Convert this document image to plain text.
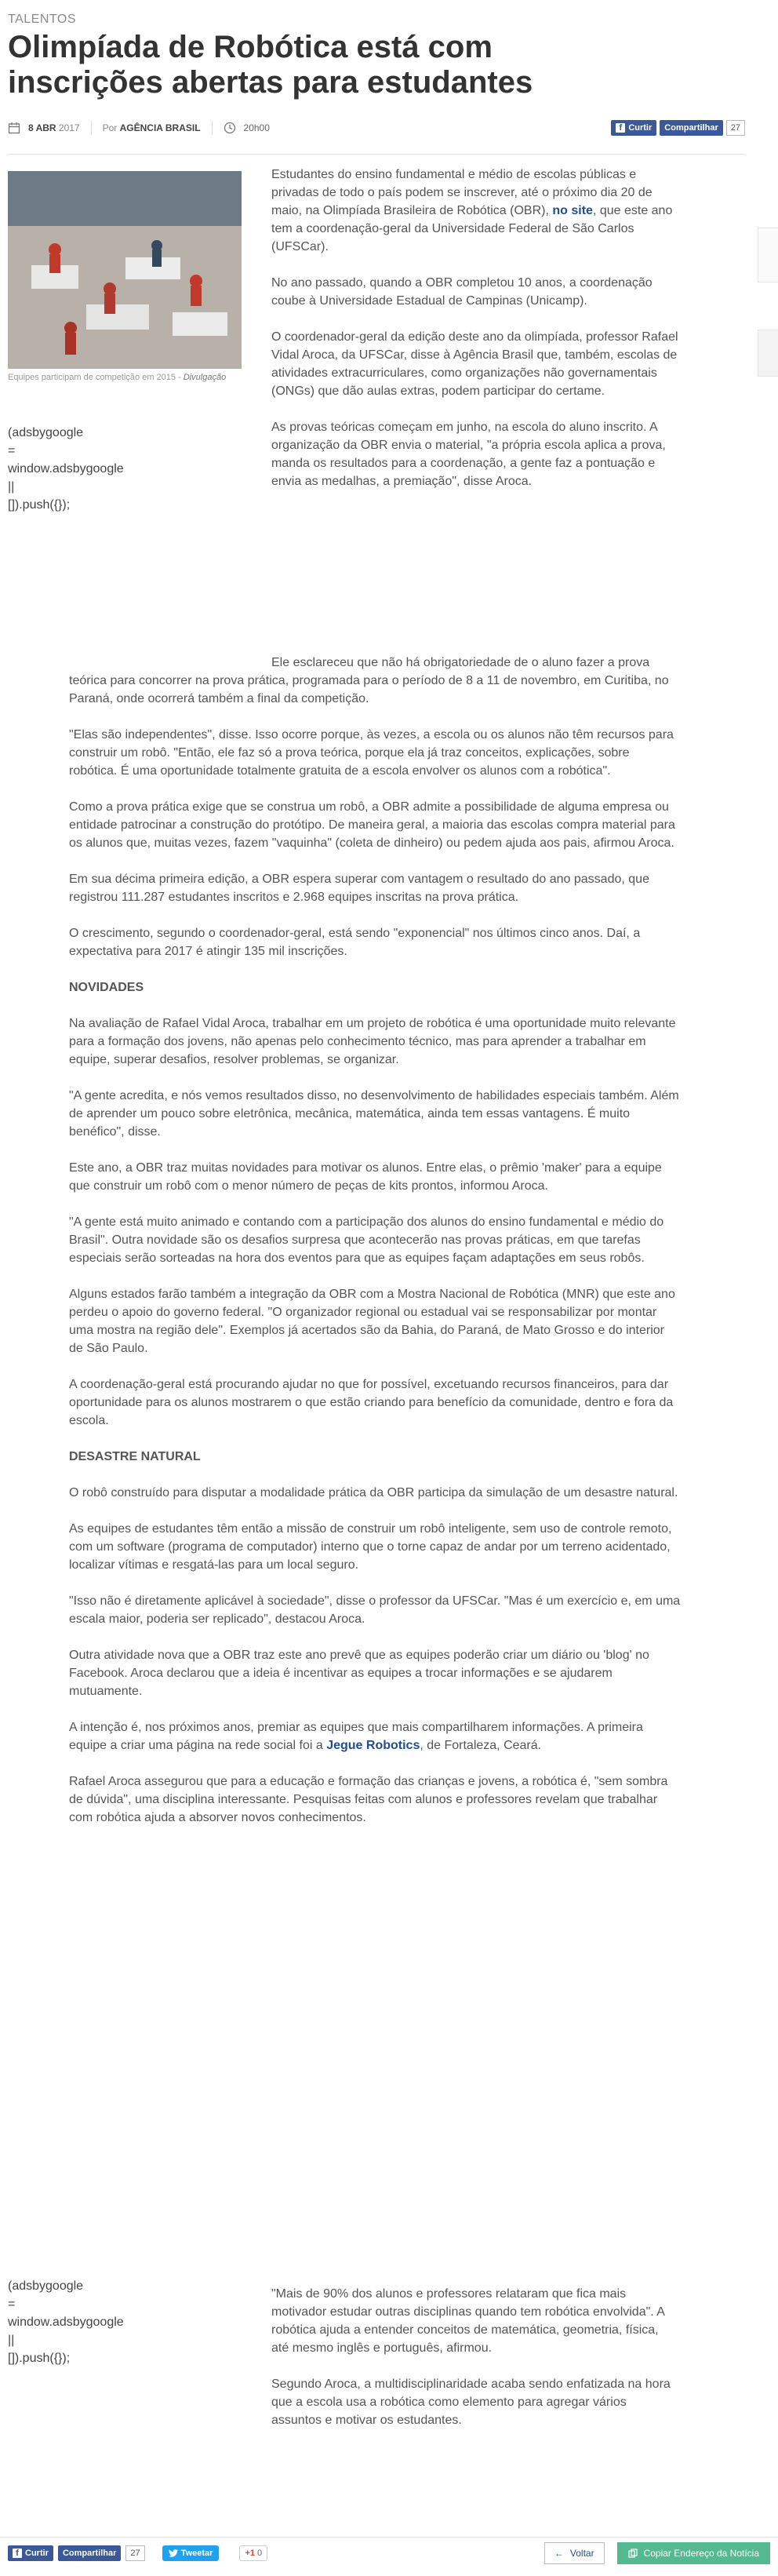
TALENTOS
Olimpíada de Robótica está com inscrições abertas para estudantes
8 ABR 2017 Por AGÊNCIA BRASIL	20h00	f Curtir	Compartilhar	27
Equipes participam de competição em 2015 - Divulgação
(adsbygoogle
=
window.adsbygoogle
||
[]).push({});
(adsbygoogle
=
window.adsbygoogle
||
[]).push({});

Estudantes do ensino fundamental e médio de escolas públicas e privadas de todo o país podem se inscrever, até o próximo dia 20 de maio, na Olimpíada Brasileira de Robótica (OBR), no site, que este ano tem a coordenação-geral da Universidade Federal de São Carlos (UFSCar).

No ano passado, quando a OBR completou 10 anos, a coordenação coube à Universidade Estadual de Campinas (Unicamp).

O coordenador-geral da edição deste ano da olimpíada, professor Rafael Vidal Aroca, da UFSCar, disse à Agência Brasil que, também, escolas de atividades extracurriculares, como organizações não governamentais (ONGs) que dão aulas extras, podem participar do certame.

As provas teóricas começam em junho, na escola do aluno inscrito. A organização da OBR envia o material, "a própria escola aplica a prova, manda os resultados para a coordenação, a gente faz a pontuação e envia as medalhas, a premiação", disse Aroca.

Ele esclareceu que não há obrigatoriedade de o aluno fazer a prova teórica para concorrer na prova prática, programada para o período de 8 a 11 de novembro, em Curitiba, no Paraná, onde ocorrerá também a final da competição.

"Elas são independentes", disse. Isso ocorre porque, às vezes, a escola ou os alunos não têm recursos para construir um robô. "Então, ele faz só a prova teórica, porque ela já traz conceitos, explicações, sobre robótica. É uma oportunidade totalmente gratuita de a escola envolver os alunos com a robótica".

Como a prova prática exige que se construa um robô, a OBR admite a possibilidade de alguma empresa ou entidade patrocinar a construção do protótipo. De maneira geral, a maioria das escolas compra material para os alunos que, muitas vezes, fazem "vaquinha" (coleta de dinheiro) ou pedem ajuda aos pais, afirmou Aroca.

Em sua décima primeira edição, a OBR espera superar com vantagem o resultado do ano passado, que registrou 111.287 estudantes inscritos e 2.968 equipes inscritas na prova prática.

O crescimento, segundo o coordenador-geral, está sendo "exponencial" nos últimos cinco anos. Daí, a expectativa para 2017 é atingir 135 mil inscrições.

NOVIDADES

Na avaliação de Rafael Vidal Aroca, trabalhar em um projeto de robótica é uma oportunidade muito relevante para a formação dos jovens, não apenas pelo conhecimento técnico, mas para aprender a trabalhar em equipe, superar desafios, resolver problemas, se organizar.

"A gente acredita, e nós vemos resultados disso, no desenvolvimento de habilidades especiais também. Além de aprender um pouco sobre eletrônica, mecânica, matemática, ainda tem essas vantagens. É muito benéfico", disse.

Este ano, a OBR traz muitas novidades para motivar os alunos. Entre elas, o prêmio 'maker' para a equipe que construir um robô com o menor número de peças de kits prontos, informou Aroca.

"A gente está muito animado e contando com a participação dos alunos do ensino fundamental e médio do Brasil". Outra novidade são os desafios surpresa que acontecerão nas provas práticas, em que tarefas especiais serão sorteadas na hora dos eventos para que as equipes façam adaptações em seus robôs.

Alguns estados farão também a integração da OBR com a Mostra Nacional de Robótica (MNR) que este ano perdeu o apoio do governo federal. "O organizador regional ou estadual vai se responsabilizar por montar uma mostra na região dele". Exemplos já acertados são da Bahia, do Paraná, de Mato Grosso e do interior de São Paulo.

A coordenação-geral está procurando ajudar no que for possível, excetuando recursos financeiros, para dar oportunidade para os alunos mostrarem o que estão criando para benefício da comunidade, dentro e fora da escola.

DESASTRE NATURAL

O robô construído para disputar a modalidade prática da OBR participa da simulação de um desastre natural.

As equipes de estudantes têm então a missão de construir um robô inteligente, sem uso de controle remoto, com um software (programa de computador) interno que o torne capaz de andar por um terreno acidentado, localizar vítimas e resgatá-las para um local seguro.

"Isso não é diretamente aplicável à sociedade", disse o professor da UFSCar. "Mas é um exercício e, em uma escala maior, poderia ser replicado", destacou Aroca.

Outra atividade nova que a OBR traz este ano prevê que as equipes poderão criar um diário ou 'blog' no Facebook. Aroca declarou que a ideia é incentivar as equipes a trocar informações e se ajudarem mutuamente.

A intenção é, nos próximos anos, premiar as equipes que mais compartilharem informações. A primeira equipe a criar uma página na rede social foi a Jegue Robotics, de Fortaleza, Ceará.

Rafael Aroca assegurou que para a educação e formação das crianças e jovens, a robótica é, "sem sombra de dúvida", uma disciplina interessante. Pesquisas feitas com alunos e professores revelam que trabalhar com robótica ajuda a absorver novos conhecimentos.

"Mais de 90% dos alunos e professores relataram que fica mais motivador estudar outras disciplinas quando tem robótica envolvida". A robótica ajuda a entender conceitos de matemática, geometria, física, até mesmo inglês e português, afirmou.

Segundo Aroca, a multidisciplinaridade acaba sendo enfatizada na hora que a escola usa a robótica como elemento para agregar vários assuntos e motivar os estudantes.

f Curtir	Compartilhar	27	Tweetar	+1 0	← Voltar	Copiar Endereço da Notícia
